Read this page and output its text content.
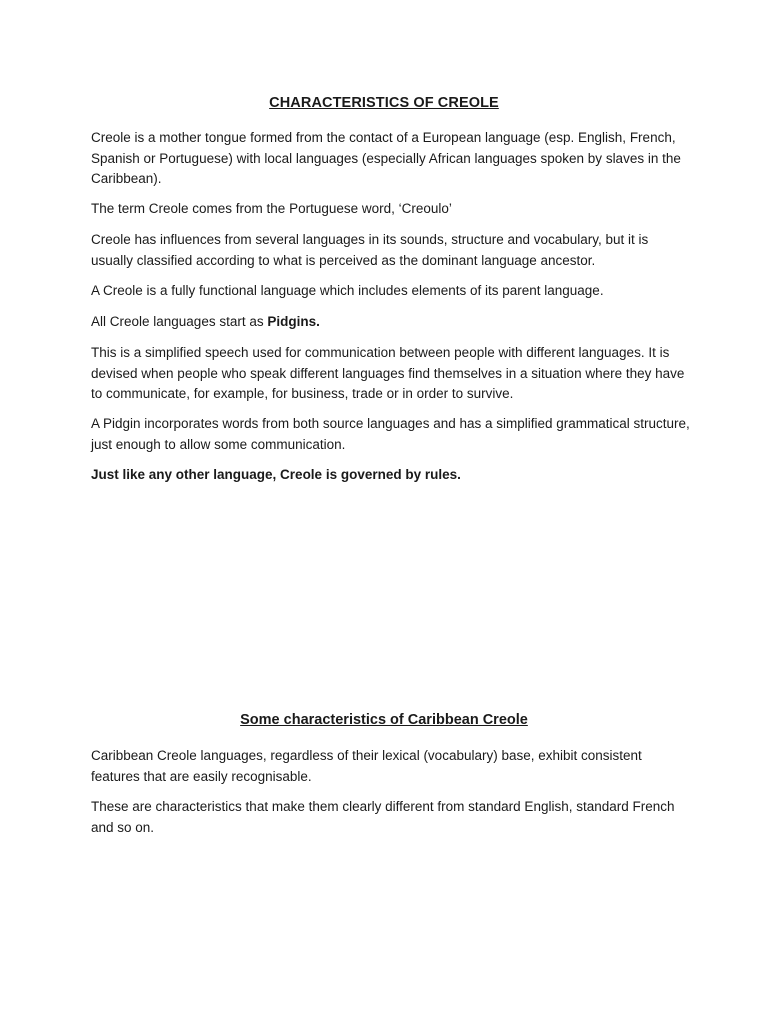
CHARACTERISTICS OF CREOLE

Creole is a mother tongue formed from the contact of a European language (esp. English, French, Spanish or Portuguese) with local languages (especially African languages spoken by slaves in the Caribbean).

The term Creole comes from the Portuguese word, ‘Creoulo’

Creole has influences from several languages in its sounds, structure and vocabulary, but it is usually classified according to what is perceived as the dominant language ancestor.

A Creole is a fully functional language which includes elements of its parent language.

All Creole languages start as Pidgins.

This is a simplified speech used for communication between people with different languages. It is devised when people who speak different languages find themselves in a situation where they have to communicate, for example, for business, trade or in order to survive.

A Pidgin incorporates words from both source languages and has a simplified grammatical structure, just enough to allow some communication.

Just like any other language, Creole is governed by rules.

Some characteristics of Caribbean Creole

Caribbean Creole languages, regardless of their lexical (vocabulary) base, exhibit consistent features that are easily recognisable.

These are characteristics that make them clearly different from standard English, standard French and so on.
